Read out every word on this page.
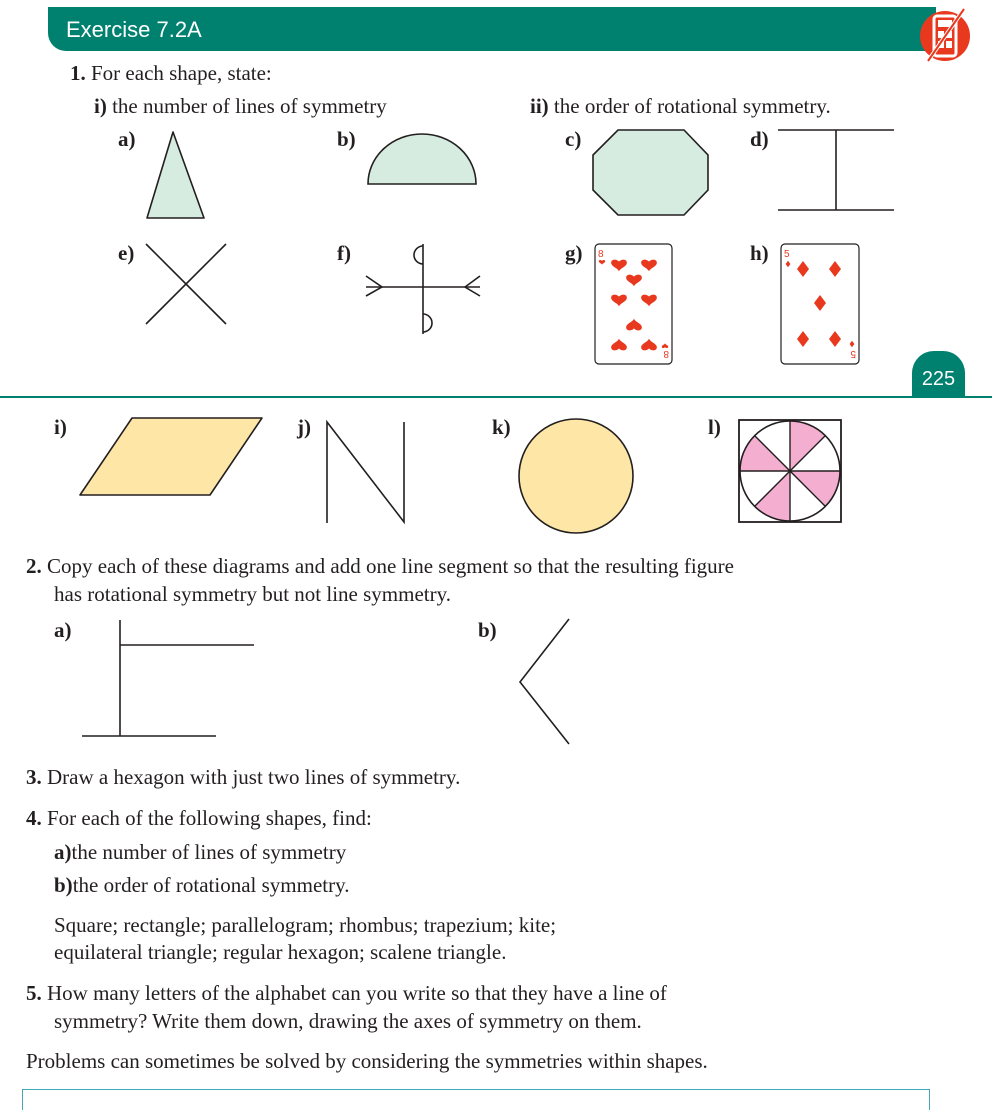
Exercise 7.2A
1. For each shape, state:
i) the number of lines of symmetry	ii) the order of rotational symmetry.
a)	b)	c)	d)
e)	f)	g)	h)
8
8
5
5
225
i)	j)	k)	l)
2. Copy each of these diagrams and add one line segment so that the resulting figure
has rotational symmetry but not line symmetry.
a)	b)
3. Draw a hexagon with just two lines of symmetry.
4. For each of the following shapes, find:
a)the number of lines of symmetry
b)the order of rotational symmetry.
Square; rectangle; parallelogram; rhombus; trapezium; kite;
equilateral triangle; regular hexagon; scalene triangle.
5. How many letters of the alphabet can you write so that they have a line of
symmetry? Write them down, drawing the axes of symmetry on them.
Problems can sometimes be solved by considering the symmetries within shapes.
